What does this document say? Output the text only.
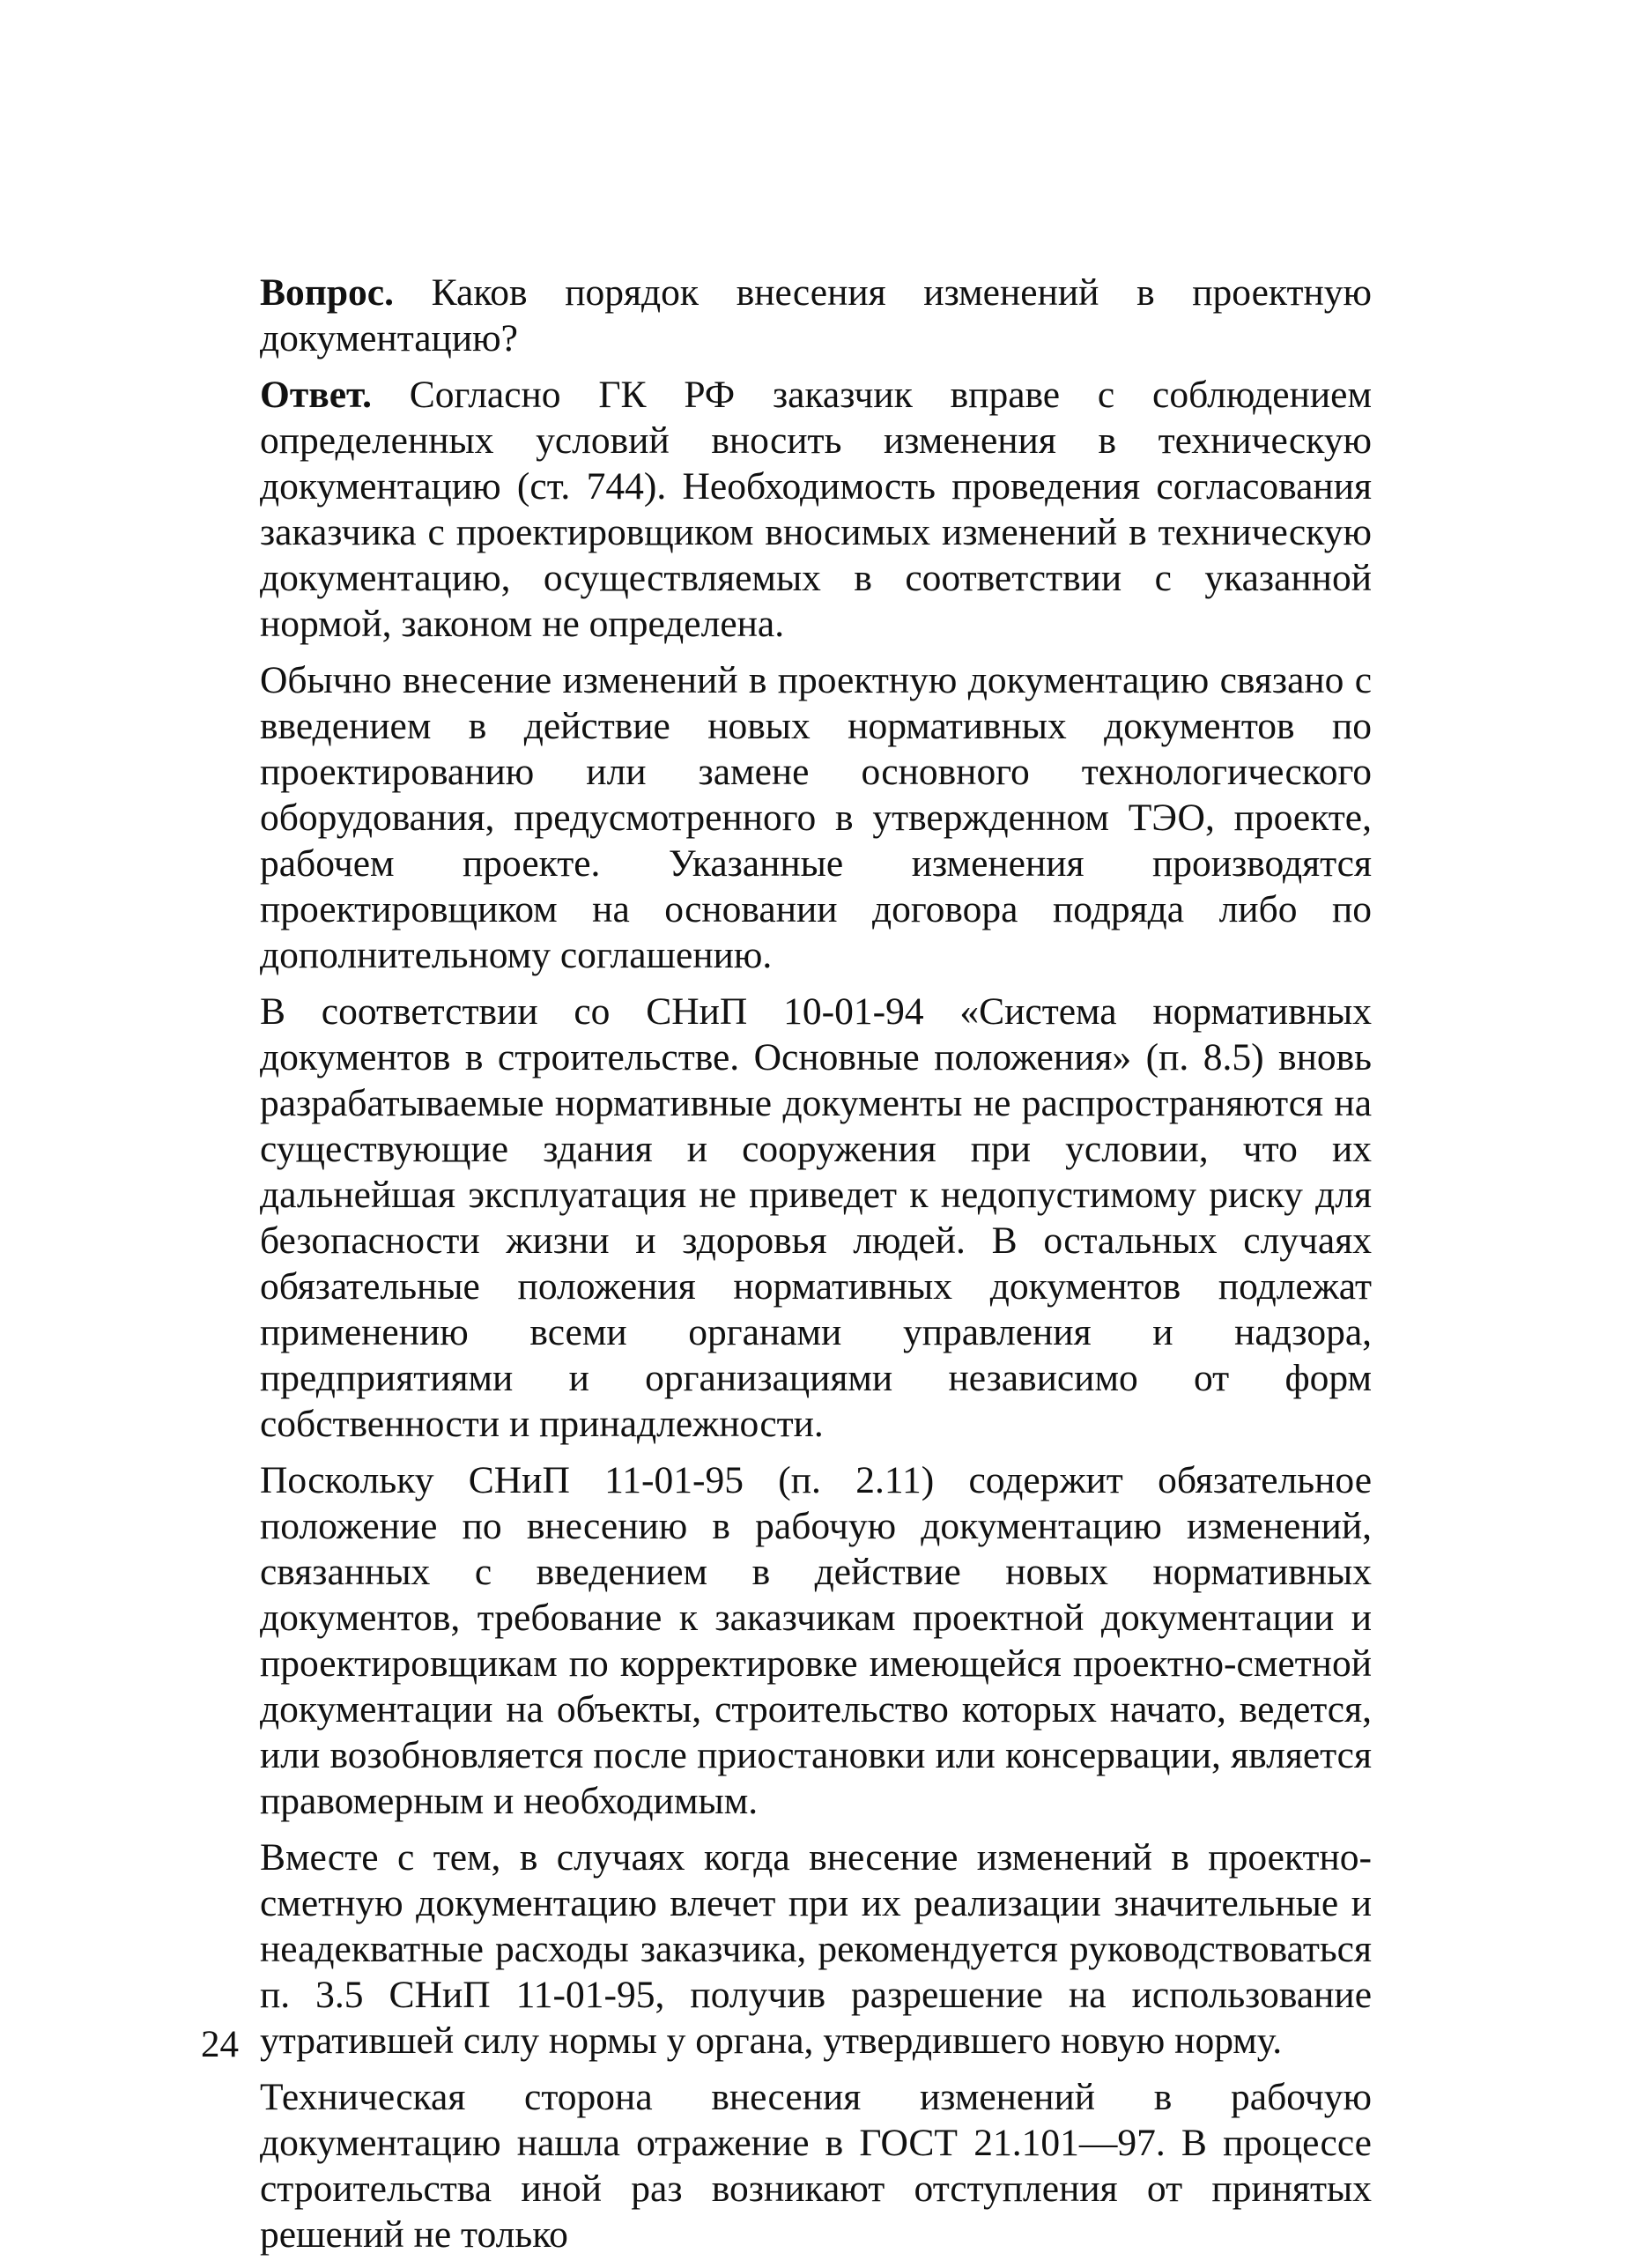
Вопрос. Каков порядок внесения изменений в проектную документацию?

Ответ. Согласно ГК РФ заказчик вправе с соблюдением определенных условий вносить изменения в техническую документацию (ст. 744). Необходимость проведения согласования заказчика с проектировщиком вносимых изменений в техническую документацию, осуществляемых в соответствии с указанной нормой, законом не определена.

Обычно внесение изменений в проектную документацию связано с введением в действие новых нормативных документов по проектированию или замене основного технологического оборудования, предусмотренного в утвержденном ТЭО, проекте, рабочем проекте. Указанные изменения производятся проектировщиком на основании договора подряда либо по дополнительному соглашению.

В соответствии со СНиП 10-01-94 «Система нормативных документов в строительстве. Основные положения» (п. 8.5) вновь разрабатываемые нормативные документы не распространяются на существующие здания и сооружения при условии, что их дальнейшая эксплуатация не приведет к недопустимому риску для безопасности жизни и здоровья людей. В остальных случаях обязательные положения нормативных документов подлежат применению всеми органами управления и надзора, предприятиями и организациями независимо от форм собственности и принадлежности.

Поскольку СНиП 11-01-95 (п. 2.11) содержит обязательное положение по внесению в рабочую документацию изменений, связанных с введением в действие новых нормативных документов, требование к заказчикам проектной документации и проектировщикам по корректировке имеющейся проектно-сметной документации на объекты, строительство которых начато, ведется, или возобновляется после приостановки или консервации, является правомерным и необходимым.

Вместе с тем, в случаях когда внесение изменений в проектно-сметную документацию влечет при их реализации значительные и неадекватные расходы заказчика, рекомендуется руководствоваться п. 3.5 СНиП 11-01-95, получив разрешение на использование утратившей силу нормы у органа, утвердившего новую норму.

Техническая сторона внесения изменений в рабочую документацию нашла отражение в ГОСТ 21.101—97. В процессе строительства иной раз возникают отступления от принятых решений не только

24
